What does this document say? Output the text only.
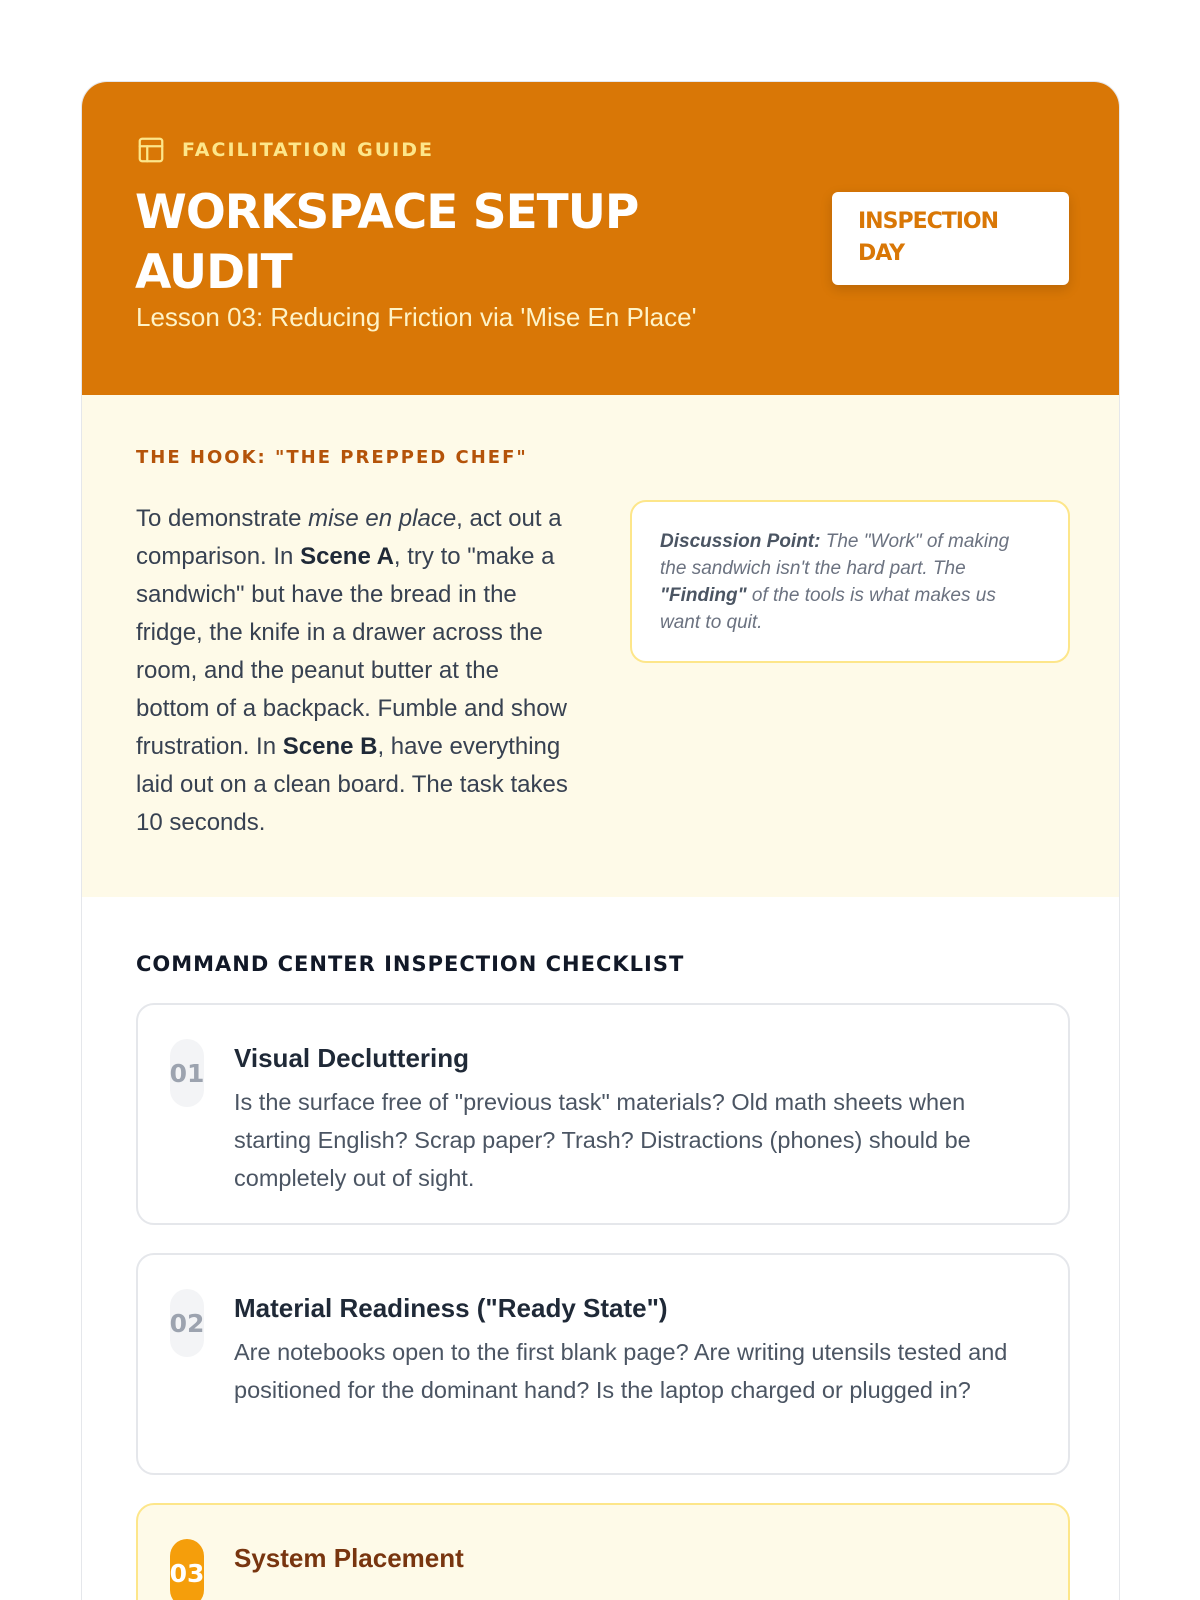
FACILITATION GUIDE
WORKSPACE SETUP AUDIT
Lesson 03: Reducing Friction via 'Mise En Place'
INSPECTION
DAY
THE HOOK: "THE PREPPED CHEF"

To demonstrate mise en place, act out a comparison. In Scene A, try to "make a sandwich" but have the bread in the fridge, the knife in a drawer across the room, and the peanut butter at the bottom of a backpack. Fumble and show frustration. In Scene B, have everything laid out on a clean board. The task takes 10 seconds.

Discussion Point: The "Work" of making the sandwich isn't the hard part. The "Finding" of the tools is what makes us want to quit.
COMMAND CENTER INSPECTION CHECKLIST
01 Visual Decluttering
Is the surface free of "previous task" materials? Old math sheets when starting English? Scrap paper? Trash? Distractions (phones) should be completely out of sight.
02 Material Readiness ("Ready State")
Are notebooks open to the first blank page? Are writing utensils tested and positioned for the dominant hand? Is the laptop charged or plugged in?
03 System Placement
